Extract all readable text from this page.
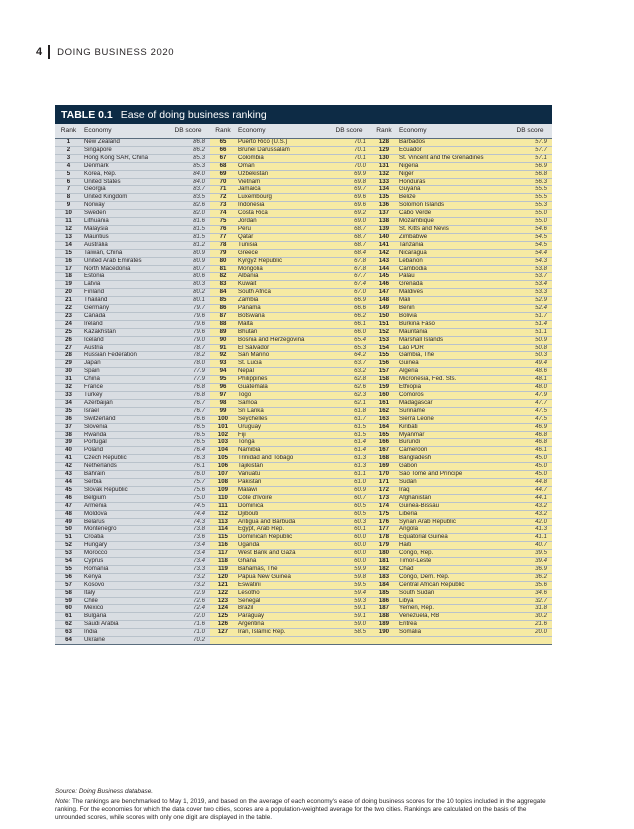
4 DOING BUSINESS 2020
TABLE 0.1 Ease of doing business ranking
Rank	Economy	DB score	Rank	Economy	DB score	Rank	Economy	DB score
1	New Zealand	86.8	65	Puerto Rico (U.S.)	70.1	128	Barbados	57.9
2	Singapore	86.2	66	Brunei Darussalam	70.1	129	Ecuador	57.7
3	Hong Kong SAR, China	85.3	67	Colombia	70.1	130	St. Vincent and the Grenadines	57.1
4	Denmark	85.3	68	Oman	70.0	131	Nigeria	56.9
5	Korea, Rep.	84.0	69	Uzbekistan	69.9	132	Niger	56.8
6	United States	84.0	70	Vietnam	69.8	133	Honduras	56.3
7	Georgia	83.7	71	Jamaica	69.7	134	Guyana	55.5
8	United Kingdom	83.5	72	Luxembourg	69.6	135	Belize	55.5
9	Norway	82.6	73	Indonesia	69.6	136	Solomon Islands	55.3
10	Sweden	82.0	74	Costa Rica	69.2	137	Cabo Verde	55.0
11	Lithuania	81.6	75	Jordan	69.0	138	Mozambique	55.0
12	Malaysia	81.5	76	Peru	68.7	139	St. Kitts and Nevis	54.6
13	Mauritius	81.5	77	Qatar	68.7	140	Zimbabwe	54.5
14	Australia	81.2	78	Tunisia	68.7	141	Tanzania	54.5
15	Taiwan, China	80.9	79	Greece	68.4	142	Nicaragua	54.4
16	United Arab Emirates	80.9	80	Kyrgyz Republic	67.8	143	Lebanon	54.3
17	North Macedonia	80.7	81	Mongolia	67.8	144	Cambodia	53.8
18	Estonia	80.6	82	Albania	67.7	145	Palau	53.7
19	Latvia	80.3	83	Kuwait	67.4	146	Grenada	53.4
20	Finland	80.2	84	South Africa	67.0	147	Maldives	53.3
21	Thailand	80.1	85	Zambia	66.9	148	Mali	52.9
22	Germany	79.7	86	Panama	66.6	149	Benin	52.4
23	Canada	79.6	87	Botswana	66.2	150	Bolivia	51.7
24	Ireland	79.6	88	Malta	66.1	151	Burkina Faso	51.4
25	Kazakhstan	79.6	89	Bhutan	66.0	152	Mauritania	51.1
26	Iceland	79.0	90	Bosnia and Herzegovina	65.4	153	Marshall Islands	50.9
27	Austria	78.7	91	El Salvador	65.3	154	Lao PDR	50.8
28	Russian Federation	78.2	92	San Marino	64.2	155	Gambia, The	50.3
29	Japan	78.0	93	St. Lucia	63.7	156	Guinea	49.4
30	Spain	77.9	94	Nepal	63.2	157	Algeria	48.6
31	China	77.9	95	Philippines	62.8	158	Micronesia, Fed. Sts.	48.1
32	France	76.8	96	Guatemala	62.6	159	Ethiopia	48.0
33	Turkey	76.8	97	Togo	62.3	160	Comoros	47.9
34	Azerbaijan	76.7	98	Samoa	62.1	161	Madagascar	47.7
35	Israel	76.7	99	Sri Lanka	61.8	162	Suriname	47.5
36	Switzerland	76.6	100	Seychelles	61.7	163	Sierra Leone	47.5
37	Slovenia	76.5	101	Uruguay	61.5	164	Kiribati	46.9
38	Rwanda	76.5	102	Fiji	61.5	165	Myanmar	46.8
39	Portugal	76.5	103	Tonga	61.4	166	Burundi	46.8
40	Poland	76.4	104	Namibia	61.4	167	Cameroon	46.1
41	Czech Republic	76.3	105	Trinidad and Tobago	61.3	168	Bangladesh	45.0
42	Netherlands	76.1	106	Tajikistan	61.3	169	Gabon	45.0
43	Bahrain	76.0	107	Vanuatu	61.1	170	São Tomé and Príncipe	45.0
44	Serbia	75.7	108	Pakistan	61.0	171	Sudan	44.8
45	Slovak Republic	75.6	109	Malawi	60.9	172	Iraq	44.7
46	Belgium	75.0	110	Côte d'Ivoire	60.7	173	Afghanistan	44.1
47	Armenia	74.5	111	Dominica	60.5	174	Guinea-Bissau	43.2
48	Moldova	74.4	112	Djibouti	60.5	175	Liberia	43.2
49	Belarus	74.3	113	Antigua and Barbuda	60.3	176	Syrian Arab Republic	42.0
50	Montenegro	73.8	114	Egypt, Arab Rep.	60.1	177	Angola	41.3
51	Croatia	73.6	115	Dominican Republic	60.0	178	Equatorial Guinea	41.1
52	Hungary	73.4	116	Uganda	60.0	179	Haiti	40.7
53	Morocco	73.4	117	West Bank and Gaza	60.0	180	Congo, Rep.	39.5
54	Cyprus	73.4	118	Ghana	60.0	181	Timor-Leste	39.4
55	Romania	73.3	119	Bahamas, The	59.9	182	Chad	36.9
56	Kenya	73.2	120	Papua New Guinea	59.8	183	Congo, Dem. Rep.	36.2
57	Kosovo	73.2	121	Eswatini	59.5	184	Central African Republic	35.6
58	Italy	72.9	122	Lesotho	59.4	185	South Sudan	34.6
59	Chile	72.6	123	Senegal	59.3	186	Libya	32.7
60	Mexico	72.4	124	Brazil	59.1	187	Yemen, Rep.	31.8
61	Bulgaria	72.0	125	Paraguay	59.1	188	Venezuela, RB	30.2
62	Saudi Arabia	71.6	126	Argentina	59.0	189	Eritrea	21.6
63	India	71.0	127	Iran, Islamic Rep.	58.5	190	Somalia	20.0
64	Ukraine	70.2						

Source: Doing Business database.

Note: The rankings are benchmarked to May 1, 2019, and based on the average of each economy's ease of doing business scores for the 10 topics included in the aggregate ranking. For the economies for which the data cover two cities, scores are a population-weighted average for the two cities. Rankings are calculated on the basis of the unrounded scores, while scores with only one digit are displayed in the table.
